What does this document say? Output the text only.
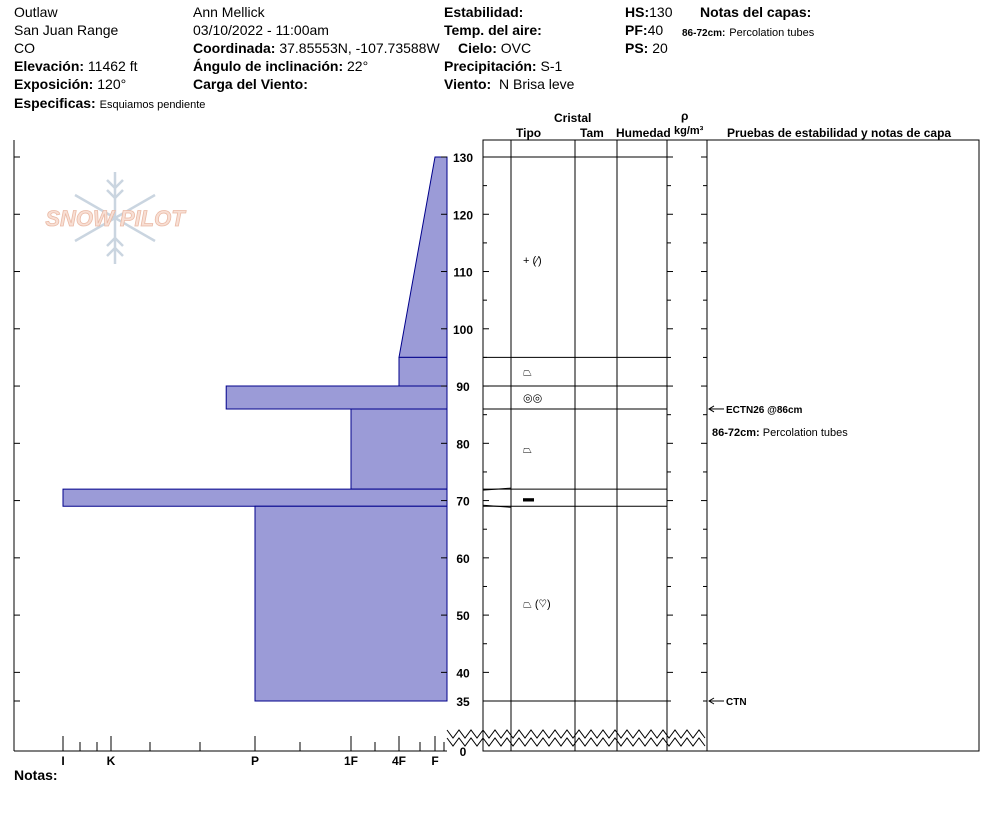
Outlaw
San Juan Range
CO
Elevación: 11462 ft
Exposición: 120°
Especificas: Esquiamos pendiente
Ann Mellick
03/10/2022 - 11:00am
Coordinada: 37.85553N, -107.73588W
Ángulo de inclinación: 22°
Carga del Viento:
Estabilidad:
Temp. del aire:
Cielo: OVC
Precipitación: S-1
Viento: N Brisa leve
HS:130
PF:40
PS: 20
Notas del capas:
86-72cm: Percolation tubes
Cristal
Tipo	Tam Humedad
ρ
kg/m³ Pruebas de estabilidad y notas de capa
Notas:
SNOW PILOT
I	K	P	1F	4F F
0
35
40
50
60
70
80
90
100
110
120
130
+ (⁄)
⏢
◎◎
⏢
▬
⏢ (♡)
ECTN26 @86cm
CTN
86-72cm: Percolation tubes
